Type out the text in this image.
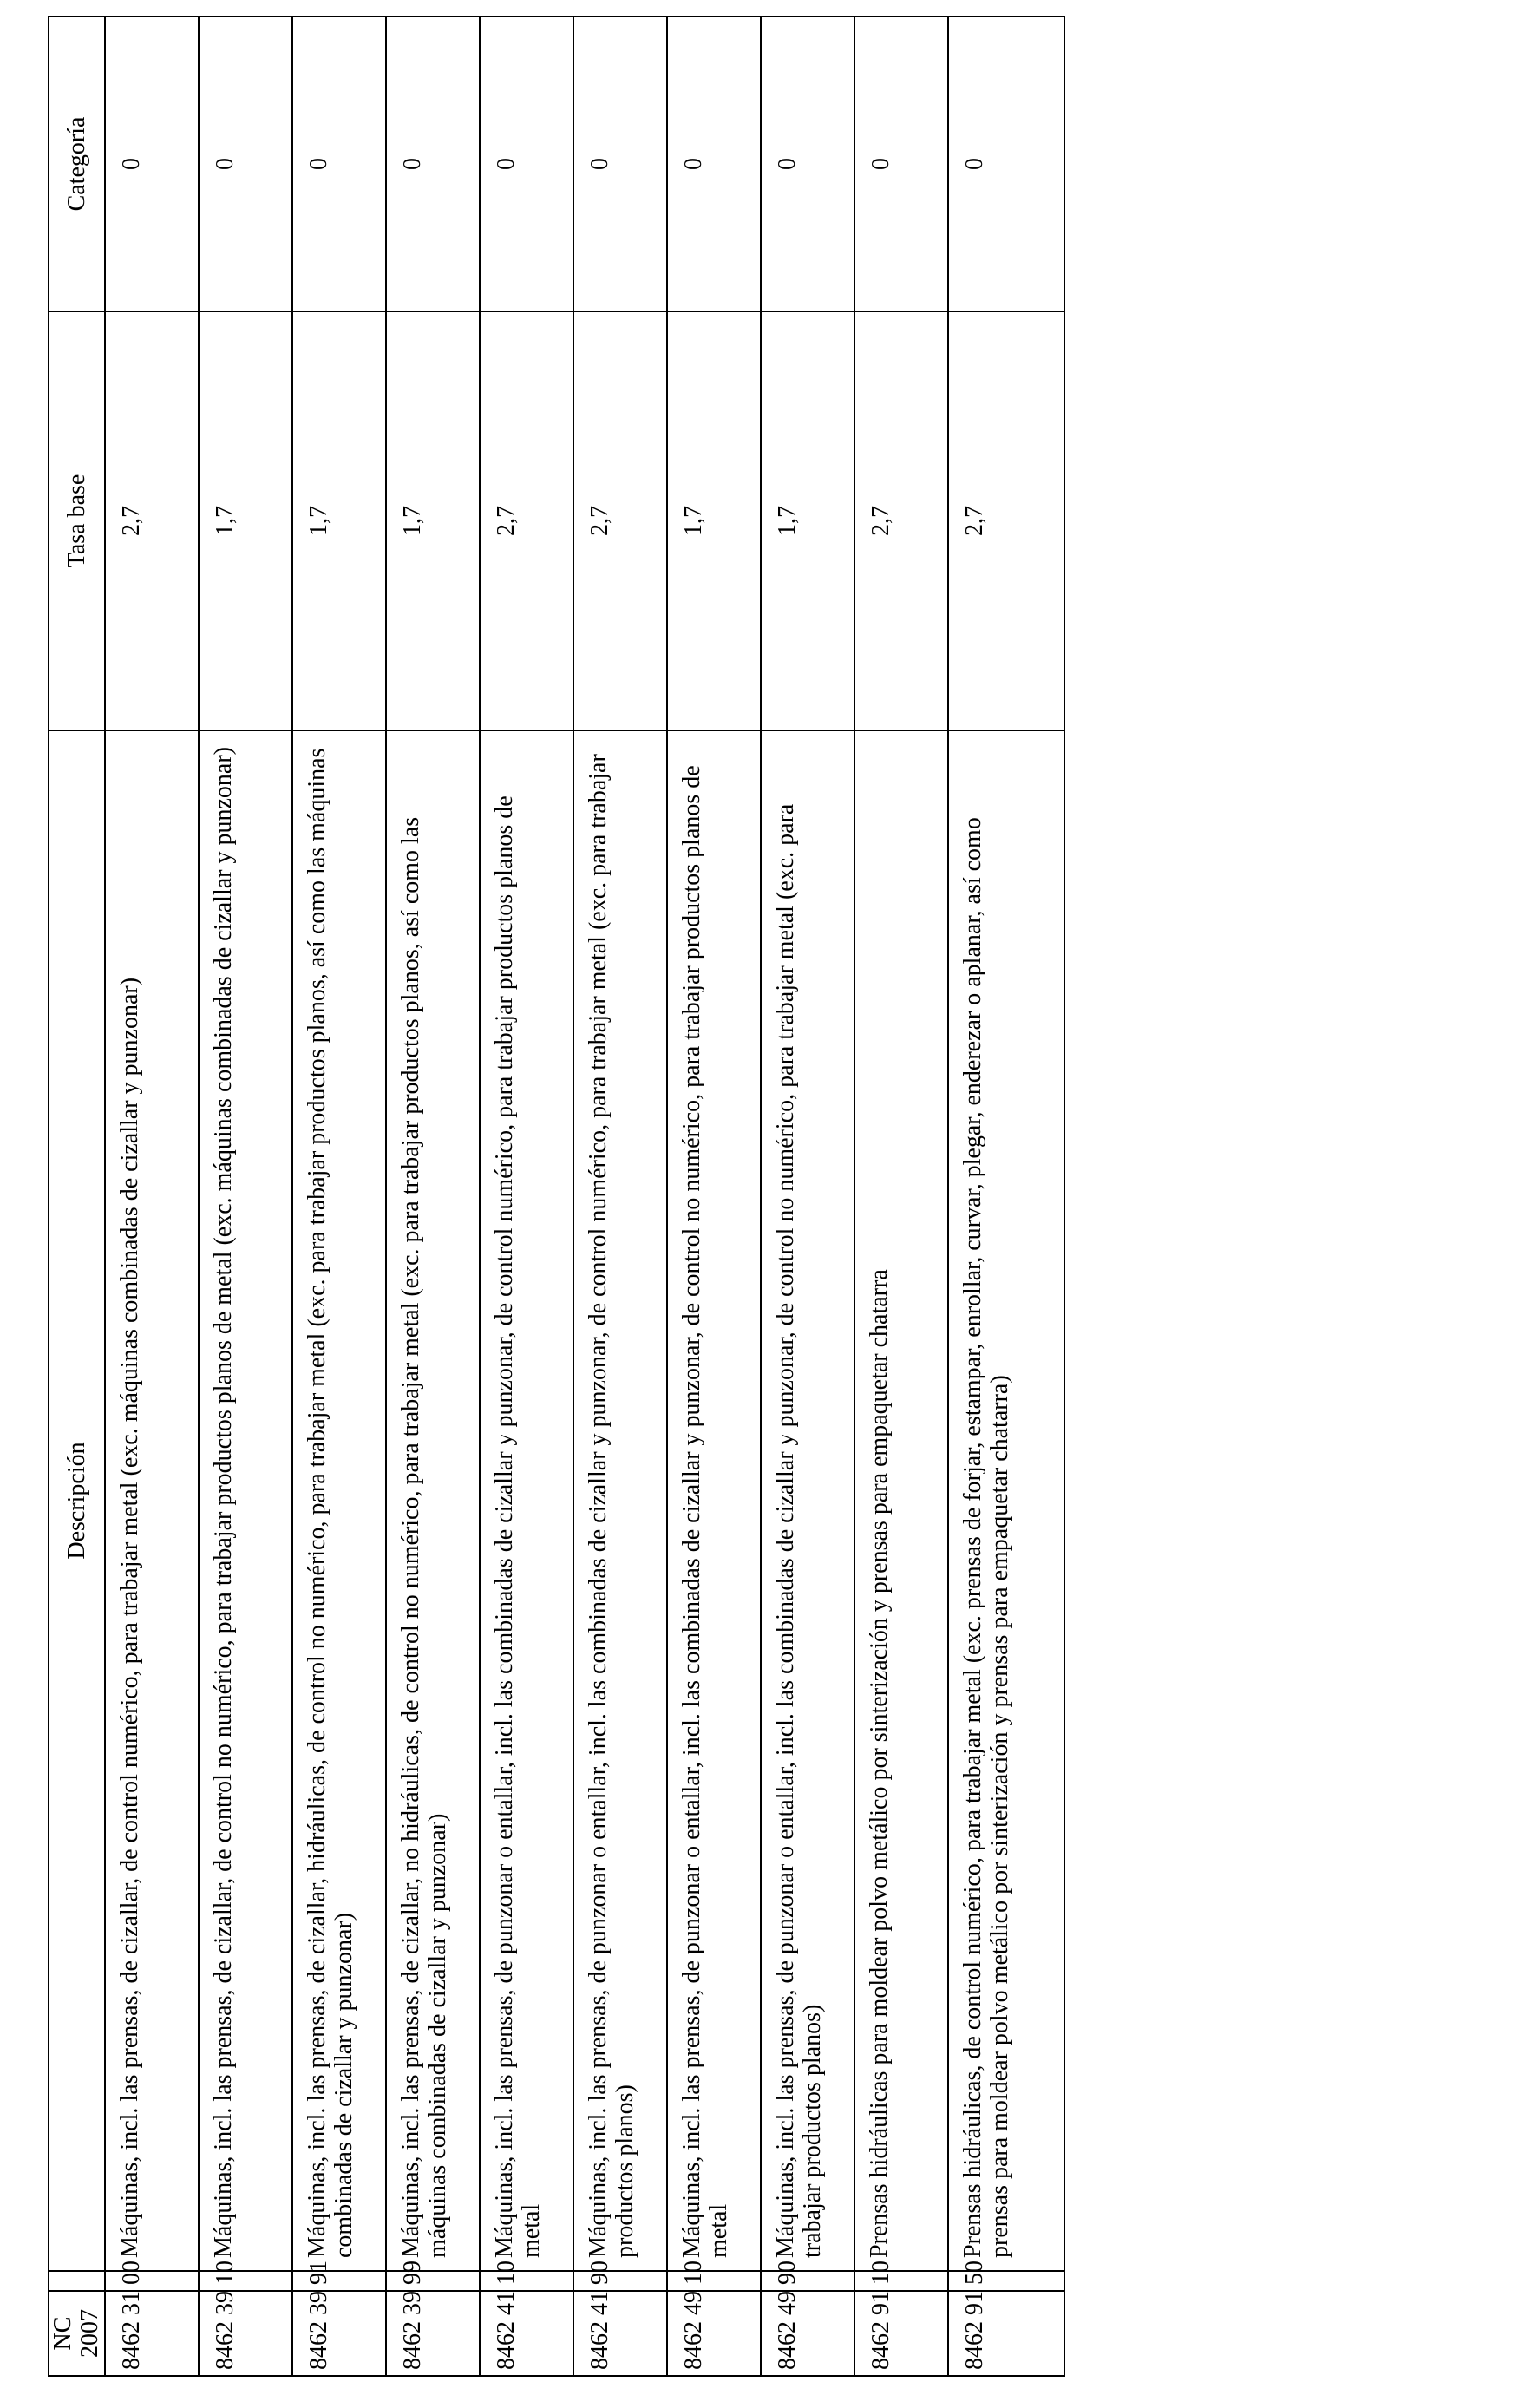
NC 2007		Descripción	Tasa base	Categoría
8462 31 00		Máquinas, incl. las prensas, de cizallar, de control numérico, para trabajar metal (exc. máquinas combinadas de cizallar y punzonar)	2,7	0
8462 39 10		Máquinas, incl. las prensas, de cizallar, de control no numérico, para trabajar productos planos de metal (exc. máquinas combinadas de cizallar y punzonar)	1,7	0
8462 39 91		Máquinas, incl. las prensas, de cizallar, hidráulicas, de control no numérico, para trabajar metal (exc. para trabajar productos planos, así como las máquinas combinadas de cizallar y punzonar)	1,7	0
8462 39 99		Máquinas, incl. las prensas, de cizallar, no hidráulicas, de control no numérico, para trabajar metal (exc. para trabajar productos planos, así como las máquinas combinadas de cizallar y punzonar)	1,7	0
8462 41 10		Máquinas, incl. las prensas, de punzonar o entallar, incl. las combinadas de cizallar y punzonar, de control numérico, para trabajar productos planos de metal	2,7	0
8462 41 90		Máquinas, incl. las prensas, de punzonar o entallar, incl. las combinadas de cizallar y punzonar, de control numérico, para trabajar metal (exc. para trabajar productos planos)	2,7	0
8462 49 10		Máquinas, incl. las prensas, de punzonar o entallar, incl. las combinadas de cizallar y punzonar, de control no numérico, para trabajar productos planos de metal	1,7	0
8462 49 90		Máquinas, incl. las prensas, de punzonar o entallar, incl. las combinadas de cizallar y punzonar, de control no numérico, para trabajar metal (exc. para trabajar productos planos)	1,7	0
8462 91 10		Prensas hidráulicas para moldear polvo metálico por sinterización y prensas para empaquetar chatarra	2,7	0
8462 91 50		Prensas hidráulicas, de control numérico, para trabajar metal (exc. prensas de forjar, estampar, enrollar, curvar, plegar, enderezar o aplanar, así como prensas para moldear polvo metálico por sinterización y prensas para empaquetar chatarra)	2,7	0
